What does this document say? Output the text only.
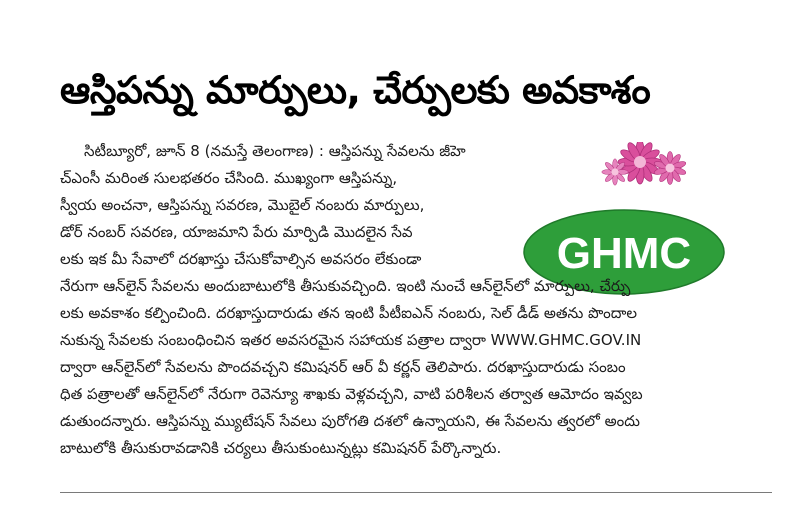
ఆస్తిపన్ను మార్పులు, చేర్పులకు అవకాశం
GHMC
సిటీబ్యూరో, జూన్ 8 (నమస్తే తెలంగాణ) : ఆస్తిపన్ను సేవలను జీహె
చ్ఎంసీ మరింత సులభతరం చేసింది. ముఖ్యంగా ఆస్తిపన్ను,
స్వీయ అంచనా, ఆస్తిపన్ను సవరణ, మొబైల్ నంబరు మార్పులు,
డోర్ నంబర్ సవరణ, యాజమాని పేరు మార్పిడి మొదలైన సేవ
లకు ఇక మీ సేవాలో దరఖాస్తు చేసుకోవాల్సిన అవసరం లేకుండా
నేరుగా ఆన్‌లైన్ సేవలను అందుబాటులోకి తీసుకువచ్చింది. ఇంటి నుంచే ఆన్‌లైన్‌లో మార్పులు, చేర్పు
లకు అవకాశం కల్పించింది. దరఖాస్తుదారుడు తన ఇంటి పీటీఐఎన్ నంబరు, సెల్ డీడ్ అతను పొందాల
నుకున్న సేవలకు సంబంధించిన ఇతర అవసరమైన సహాయక పత్రాల ద్వారా WWW.GHMC.GOV.IN
ద్వారా ఆన్‌లైన్‌లో సేవలను పొందవచ్చని కమిషనర్ ఆర్ వీ కర్ణన్ తెలిపారు. దరఖాస్తుదారుడు సంబం
ధిత పత్రాలతో ఆన్‌లైన్‌లో నేరుగా రెవెన్యూ శాఖకు వెళ్లవచ్చని, వాటి పరిశీలన తర్వాత ఆమోదం ఇవ్వబ
డుతుందన్నారు. ఆస్తిపన్ను మ్యుటేషన్ సేవలు పురోగతి దశలో ఉన్నాయని, ఈ సేవలను త్వరలో అందు
బాటులోకి తీసుకురావడానికి చర్యలు తీసుకుంటున్నట్లు కమిషనర్ పేర్కొన్నారు.
